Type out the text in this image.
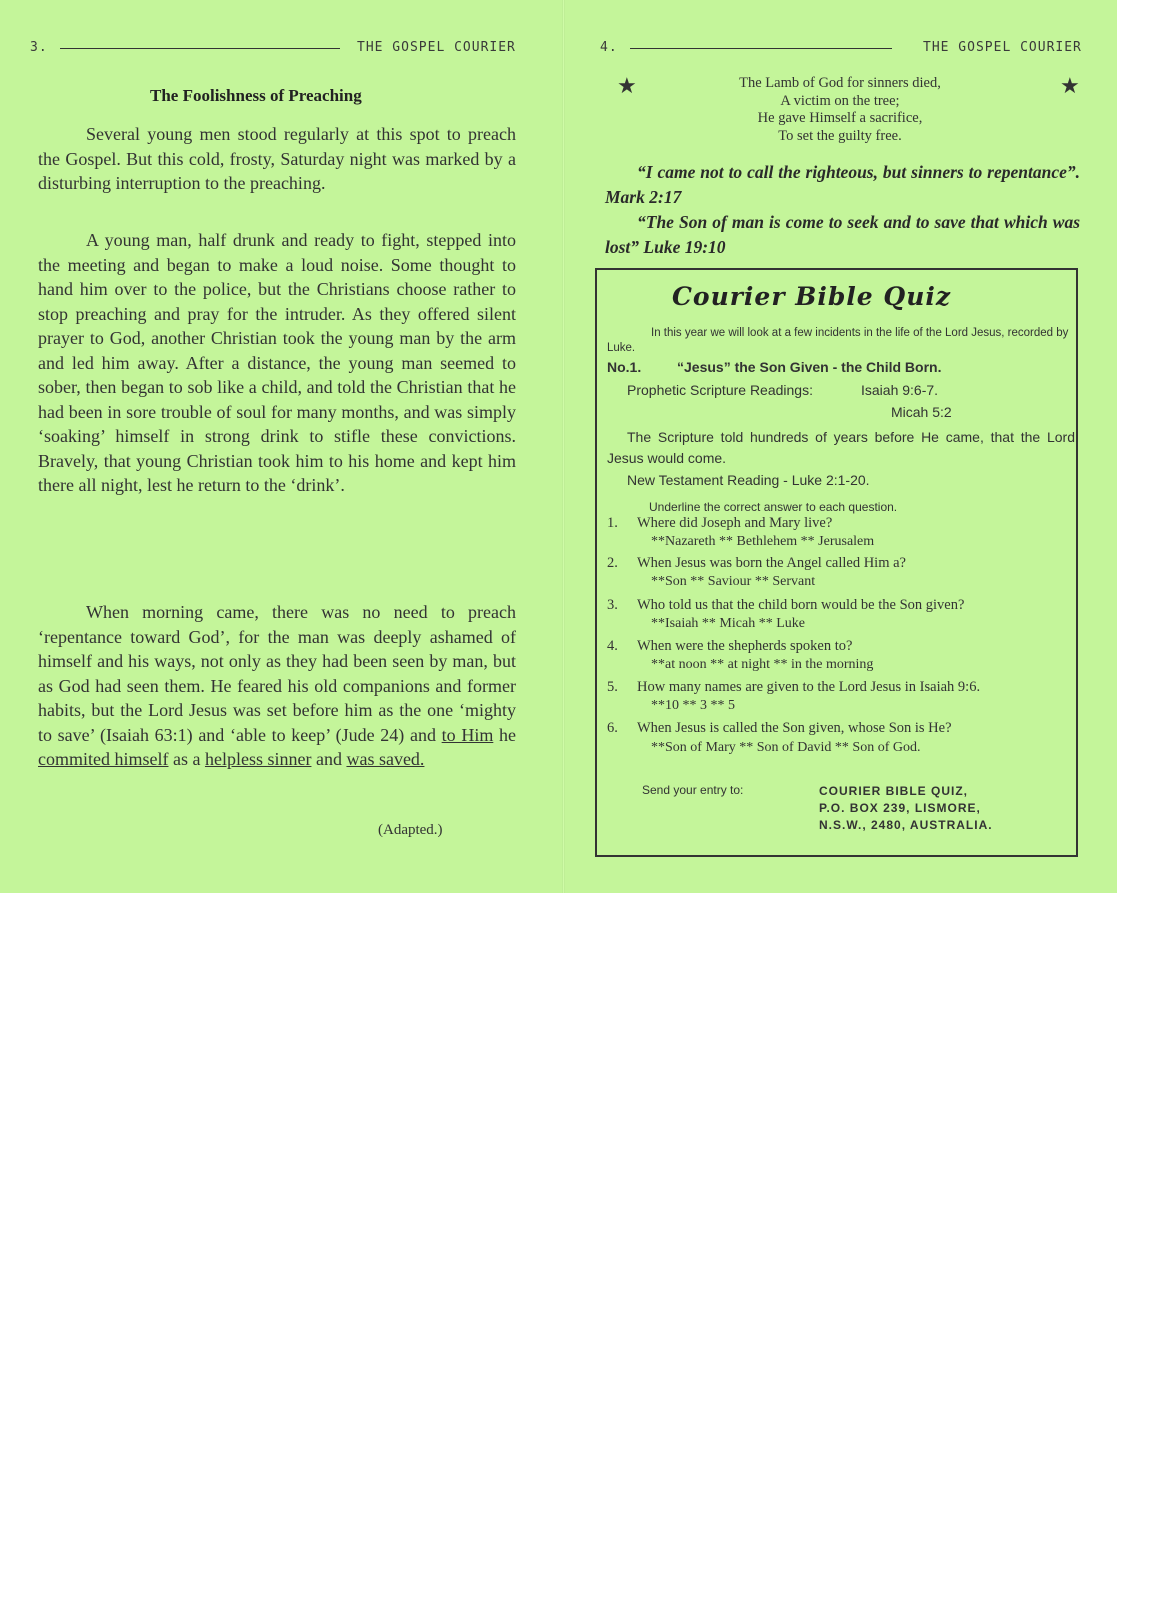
3.	THE GOSPEL COURIER
The Foolishness of Preaching

Several young men stood regularly at this spot to preach the Gospel. But this cold, frosty, Saturday night was marked by a disturbing interruption to the preaching.

A young man, half drunk and ready to fight, stepped into the meeting and began to make a loud noise. Some thought to hand him over to the police, but the Christians choose rather to stop preaching and pray for the intruder. As they offered silent prayer to God, another Christian took the young man by the arm and led him away. After a distance, the young man seemed to sober, then began to sob like a child, and told the Christian that he had been in sore trouble of soul for many months, and was simply ‘soaking’ himself in strong drink to stifle these convictions. Bravely, that young Christian took him to his home and kept him there all night, lest he return to the ‘drink’.

When morning came, there was no need to preach ‘repentance toward God’, for the man was deeply ashamed of himself and his ways, not only as they had been seen by man, but as God had seen them. He feared his old companions and former habits, but the Lord Jesus was set before him as the one ‘mighty to save’ (Isaiah 63:1) and ‘able to keep’ (Jude 24) and to Him he commited himself as a helpless sinner and was saved.

(Adapted.)
4.	THE GOSPEL COURIER
★	★
The Lamb of God for sinners died,
A victim on the tree;
He gave Himself a sacrifice,
To set the guilty free.

“I came not to call the righteous, but sinners to repentance”. Mark 2:17

“The Son of man is come to seek and to save that which was lost” Luke 19:10

Courier Bible Quiz
In this year we will look at a few incidents in the life of the Lord Jesus, recorded by Luke.
No.1.	“Jesus” the Son Given - the Child Born.
Prophetic Scripture Readings:	Isaiah 9:6-7.
Micah 5:2
The Scripture told hundreds of years before He came, that the Lord Jesus would come.
New Testament Reading - Luke 2:1-20.
Underline the correct answer to each question.
1. Where did Joseph and Mary live?
**Nazareth ** Bethlehem ** Jerusalem
2. When Jesus was born the Angel called Him a?
**Son ** Saviour ** Servant
3. Who told us that the child born would be the Son given?
**Isaiah ** Micah ** Luke
4. When were the shepherds spoken to?
**at noon ** at night ** in the morning
5. How many names are given to the Lord Jesus in Isaiah 9:6.
**10 ** 3 ** 5
6. When Jesus is called the Son given, whose Son is He?
**Son of Mary ** Son of David ** Son of God.
Send your entry to:	COURIER BIBLE QUIZ,
P.O. BOX 239, LISMORE,
N.S.W., 2480, AUSTRALIA.
